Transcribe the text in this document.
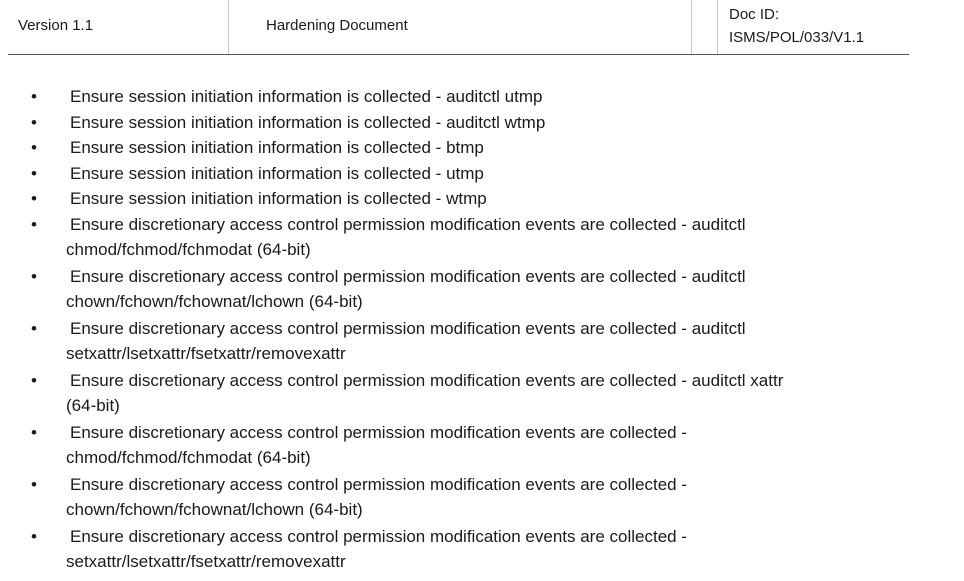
Version 1.1	Hardening Document
Doc ID:
ISMS/POL/033/V1.1
• Ensure session initiation information is collected - auditctl utmp
• Ensure session initiation information is collected - auditctl wtmp
• Ensure session initiation information is collected - btmp
• Ensure session initiation information is collected - utmp
• Ensure session initiation information is collected - wtmp
• Ensure discretionary access control permission modification events are collected - auditctl
chmod/fchmod/fchmodat (64-bit)
• Ensure discretionary access control permission modification events are collected - auditctl
chown/fchown/fchownat/lchown (64-bit)
• Ensure discretionary access control permission modification events are collected - auditctl
setxattr/lsetxattr/fsetxattr/removexattr
• Ensure discretionary access control permission modification events are collected - auditctl xattr
(64-bit)
• Ensure discretionary access control permission modification events are collected -
chmod/fchmod/fchmodat (64-bit)
• Ensure discretionary access control permission modification events are collected -
chown/fchown/fchownat/lchown (64-bit)
• Ensure discretionary access control permission modification events are collected -
setxattr/lsetxattr/fsetxattr/removexattr
